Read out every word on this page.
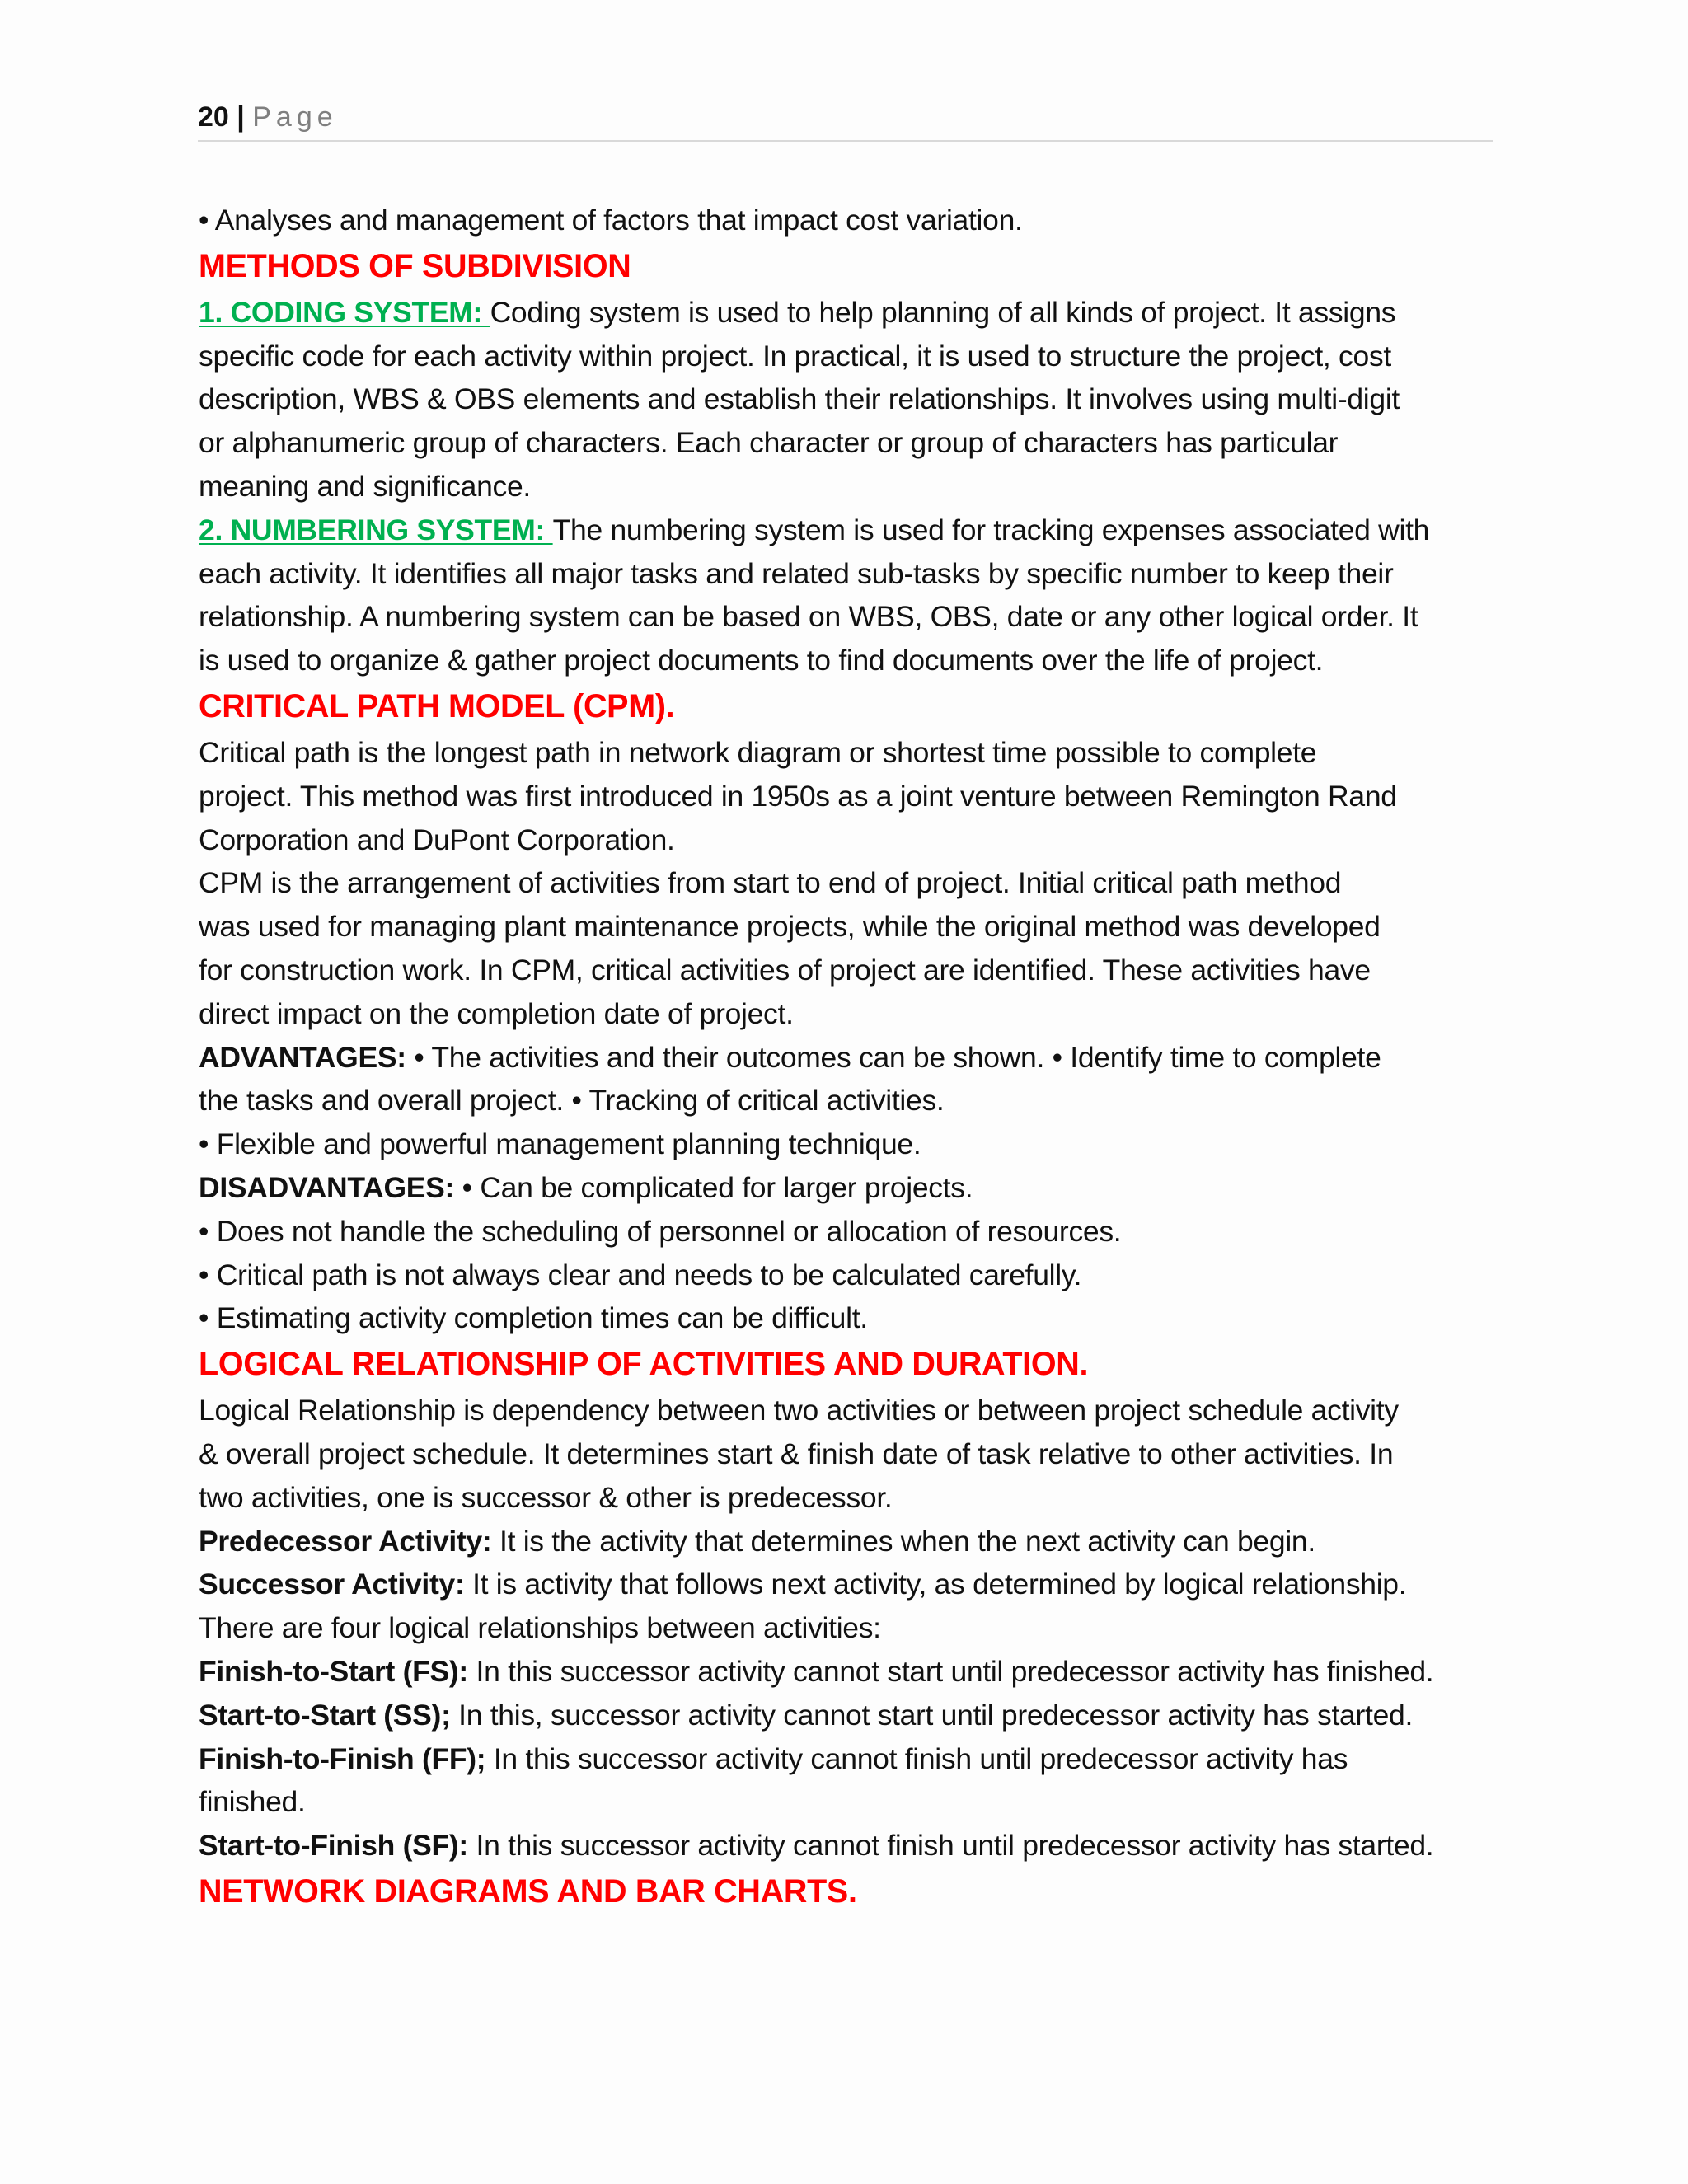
20 | Page
• Analyses and management of factors that impact cost variation.
METHODS OF SUBDIVISION
1. CODING SYSTEM: Coding system is used to help planning of all kinds of project. It assigns
specific code for each activity within project. In practical, it is used to structure the project, cost
description, WBS & OBS elements and establish their relationships. It involves using multi-digit
or alphanumeric group of characters. Each character or group of characters has particular
meaning and significance.
2. NUMBERING SYSTEM: The numbering system is used for tracking expenses associated with
each activity. It identifies all major tasks and related sub-tasks by specific number to keep their
relationship. A numbering system can be based on WBS, OBS, date or any other logical order. It
is used to organize & gather project documents to find documents over the life of project.
CRITICAL PATH MODEL (CPM).
Critical path is the longest path in network diagram or shortest time possible to complete
project. This method was first introduced in 1950s as a joint venture between Remington Rand
Corporation and DuPont Corporation.
CPM is the arrangement of activities from start to end of project. Initial critical path method
was used for managing plant maintenance projects, while the original method was developed
for construction work. In CPM, critical activities of project are identified. These activities have
direct impact on the completion date of project.
ADVANTAGES: • The activities and their outcomes can be shown. • Identify time to complete
the tasks and overall project. • Tracking of critical activities.
• Flexible and powerful management planning technique.
DISADVANTAGES: • Can be complicated for larger projects.
• Does not handle the scheduling of personnel or allocation of resources.
• Critical path is not always clear and needs to be calculated carefully.
• Estimating activity completion times can be difficult.
LOGICAL RELATIONSHIP OF ACTIVITIES AND DURATION.
Logical Relationship is dependency between two activities or between project schedule activity
& overall project schedule. It determines start & finish date of task relative to other activities. In
two activities, one is successor & other is predecessor.
Predecessor Activity: It is the activity that determines when the next activity can begin.
Successor Activity: It is activity that follows next activity, as determined by logical relationship.
There are four logical relationships between activities:
Finish-to-Start (FS): In this successor activity cannot start until predecessor activity has finished.
Start-to-Start (SS); In this, successor activity cannot start until predecessor activity has started.
Finish-to-Finish (FF); In this successor activity cannot finish until predecessor activity has
finished.
Start-to-Finish (SF): In this successor activity cannot finish until predecessor activity has started.
NETWORK DIAGRAMS AND BAR CHARTS.
